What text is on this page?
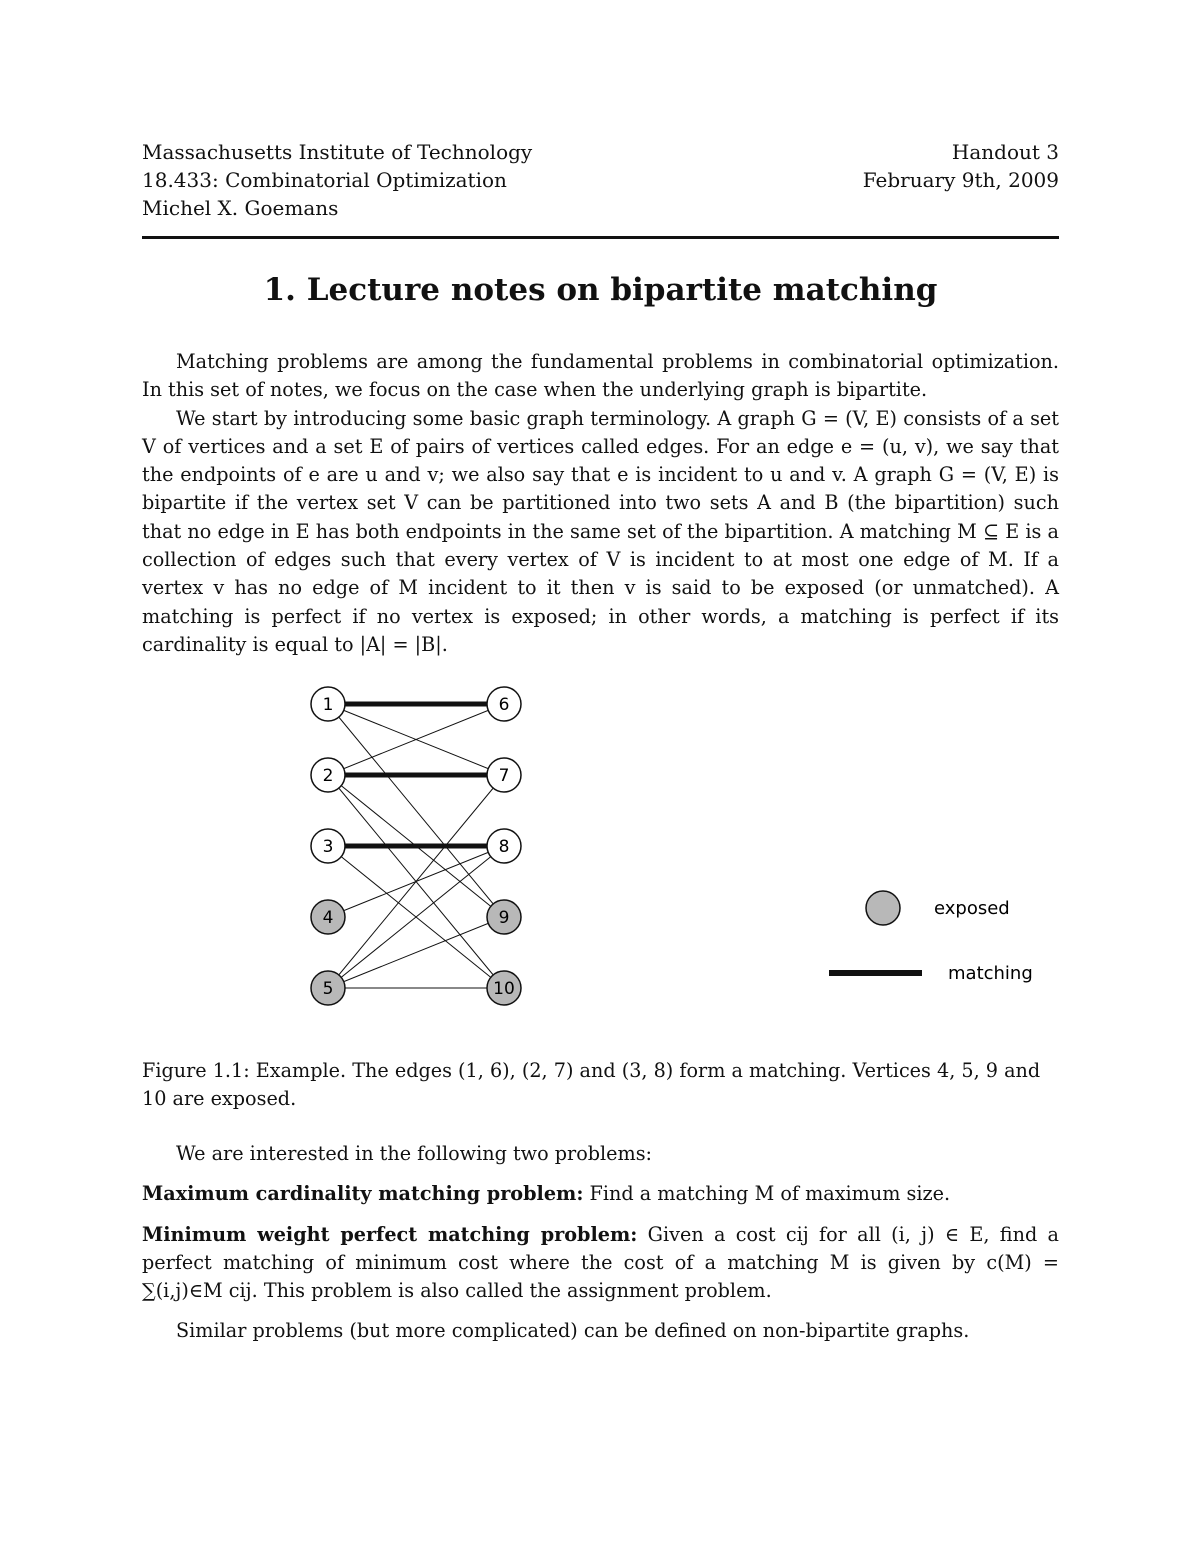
Massachusetts Institute of Technology
18.433: Combinatorial Optimization
Michel X. Goemans
Handout 3
February 9th, 2009
1. Lecture notes on bipartite matching

Matching problems are among the fundamental problems in combinatorial optimization. In this set of notes, we focus on the case when the underlying graph is bipartite.

We start by introducing some basic graph terminology. A graph G = (V, E) consists of a set V of vertices and a set E of pairs of vertices called edges. For an edge e = (u, v), we say that the endpoints of e are u and v; we also say that e is incident to u and v. A graph G = (V, E) is bipartite if the vertex set V can be partitioned into two sets A and B (the bipartition) such that no edge in E has both endpoints in the same set of the bipartition. A matching M ⊆ E is a collection of edges such that every vertex of V is incident to at most one edge of M. If a vertex v has no edge of M incident to it then v is said to be exposed (or unmatched). A matching is perfect if no vertex is exposed; in other words, a matching is perfect if its cardinality is equal to |A| = |B|.

1
2
3
4
5
6
7
8
9
10
exposed
matching
Figure 1.1: Example. The edges (1, 6), (2, 7) and (3, 8) form a matching. Vertices 4, 5, 9 and 10 are exposed.

We are interested in the following two problems:

Maximum cardinality matching problem: Find a matching M of maximum size.

Minimum weight perfect matching problem: Given a cost cij for all (i, j) ∈ E, find a perfect matching of minimum cost where the cost of a matching M is given by c(M) = ∑(i,j)∈M cij. This problem is also called the assignment problem.

Similar problems (but more complicated) can be defined on non-bipartite graphs.
